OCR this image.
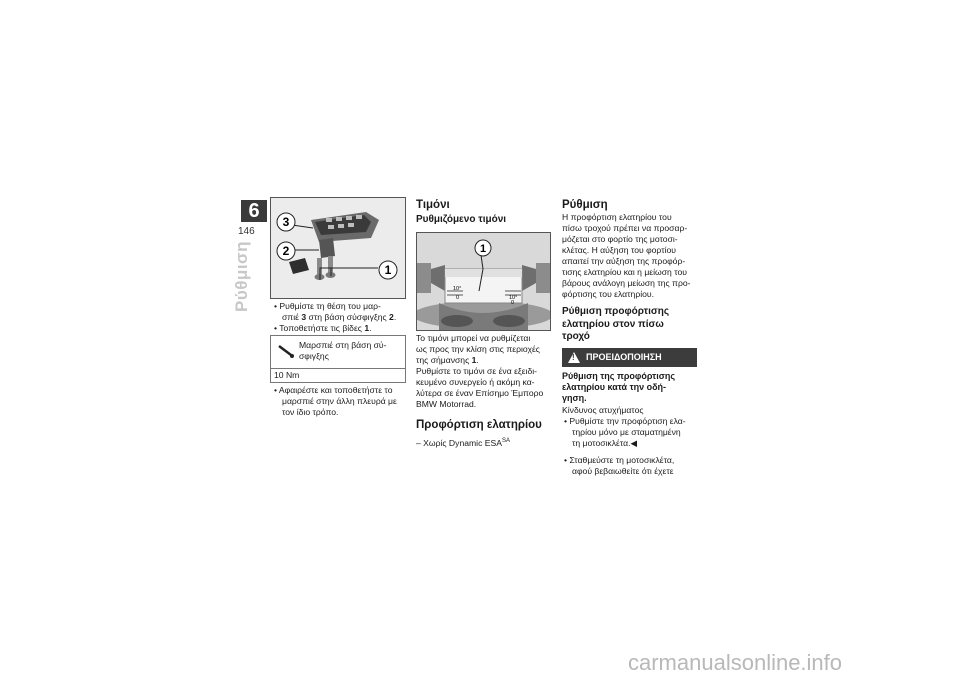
6
146
Ρύθμιση
3
2
1
• Ρυθμίστε τη θέση του μαρ-
σπιέ 3 στη βάση σύσφιγξης 2.
• Τοποθετήστε τις βίδες 1.
Μαρσπιέ στη βάση σύ-
σφιγξης
10 Nm
• Αφαιρέστε και τοποθετήστε το
μαρσπιέ στην άλλη πλευρά με
τον ίδιο τρόπο.
Τιμόνι
Ρυθμιζόμενο τιμόνι
10°
0	10°
0
1
Το τιμόνι μπορεί να ρυθμίζεται
ως προς την κλίση στις περιοχές
της σήμανσης 1.
Ρυθμίστε το τιμόνι σε ένα εξειδι-
κευμένο συνεργείο ή ακόμη κα-
λύτερα σε έναν Επίσημο Έμπορο
BMW Motorrad.
Προφόρτιση ελατηρίου
– Χωρίς Dynamic $ESA^{SA}$
Ρύθμιση
Η προφόρτιση ελατηρίου του
πίσω τροχού πρέπει να προσαρ-
μόζεται στο φορτίο της μοτοσι-
κλέτας. Η αύξηση του φορτίου
απαιτεί την αύξηση της προφόρ-
τισης ελατηρίου και η μείωση του
βάρους ανάλογη μείωση της προ-
φόρτισης του ελατηρίου.
Ρύθμιση προφόρτισης
ελατηρίου στον πίσω
τροχό
! ΠΡΟΕΙΔΟΠΟΙΗΣΗ
Ρύθμιση της προφόρτισης
ελατηρίου κατά την οδή-
γηση.
Κίνδυνος ατυχήματος
• Ρυθμίστε την προφόρτιση ελα-
τηρίου μόνο με σταματημένη
τη μοτοσικλέτα.◀
• Σταθμεύστε τη μοτοσικλέτα,
αφού βεβαιωθείτε ότι έχετε
carmanualsonline.info
